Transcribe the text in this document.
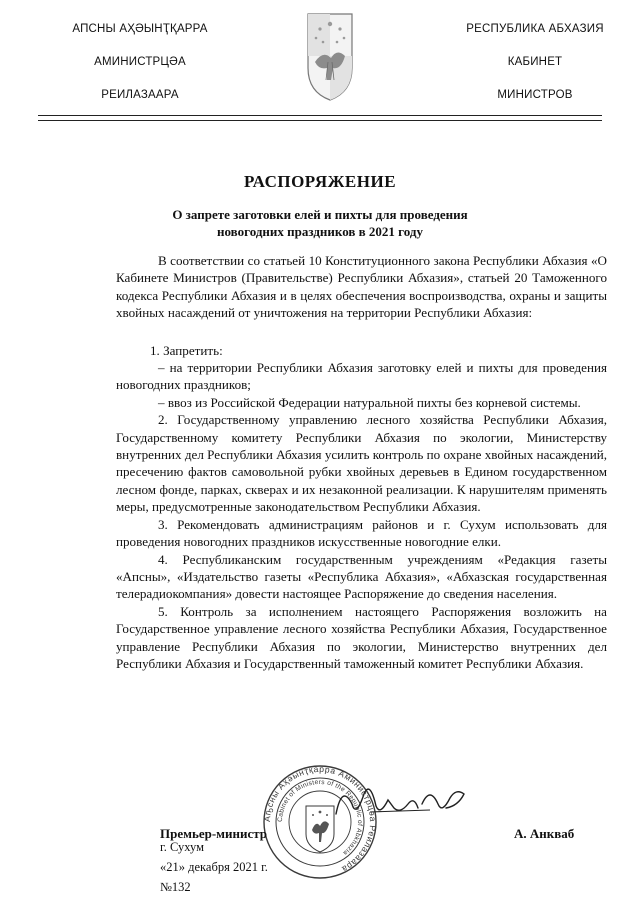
АПСНЫ АҲӘЫНҬҚАРРА
АМИНИСТРЦӘА
РЕИЛАЗААРА
РЕСПУБЛИКА АБХАЗИЯ
КАБИНЕТ
МИНИСТРОВ
РАСПОРЯЖЕНИЕ
О запрете заготовки елей и пихты для проведения
новогодних праздников в 2021 году

В соответствии со статьей 10 Конституционного закона Республики Абхазия «О Кабинете Министров (Правительстве) Республики Абхазия», статьей 20 Таможенного кодекса Республики Абхазия и в целях обеспечения воспроизводства, охраны и защиты хвойных насаждений от уничтожения на территории Республики Абхазия:

1. Запретить:

– на территории Республики Абхазия заготовку елей и пихты для проведения новогодних праздников;

– ввоз из Российской Федерации натуральной пихты без корневой системы.

2. Государственному управлению лесного хозяйства Республики Абхазия, Государственному комитету Республики Абхазия по экологии, Министерству внутренних дел Республики Абхазия усилить контроль по охране хвойных насаждений, пресечению фактов самовольной рубки хвойных деревьев в Едином государственном лесном фонде, парках, скверах и их незаконной реализации. К нарушителям применять меры, предусмотренные законодательством Республики Абхазия.

3. Рекомендовать администрациям районов и г. Сухум использовать для проведения новогодних праздников искусственные новогодние елки.

4. Республиканским государственным учреждениям «Редакция газеты «Апсны», «Издательство газеты «Республика Абхазия», «Абхазская государственная телерадиокомпания» довести настоящее Распоряжение до сведения населения.

5. Контроль за исполнением настоящего Распоряжения возложить на Государственное управление лесного хозяйства Республики Абхазия, Государственное управление Республики Абхазия по экологии, Министерство внутренних дел Республики Абхазия и Государственный таможенный комитет Республики Абхазия.

Аҧсны Аҳәынҭқарра Аминистрцәа Реилазаара
Cabinet of Ministers of the Republic of Abkhazia
Премьер-министр	А. Анкваб
г. Сухум
«21» декабря 2021 г.
№132
